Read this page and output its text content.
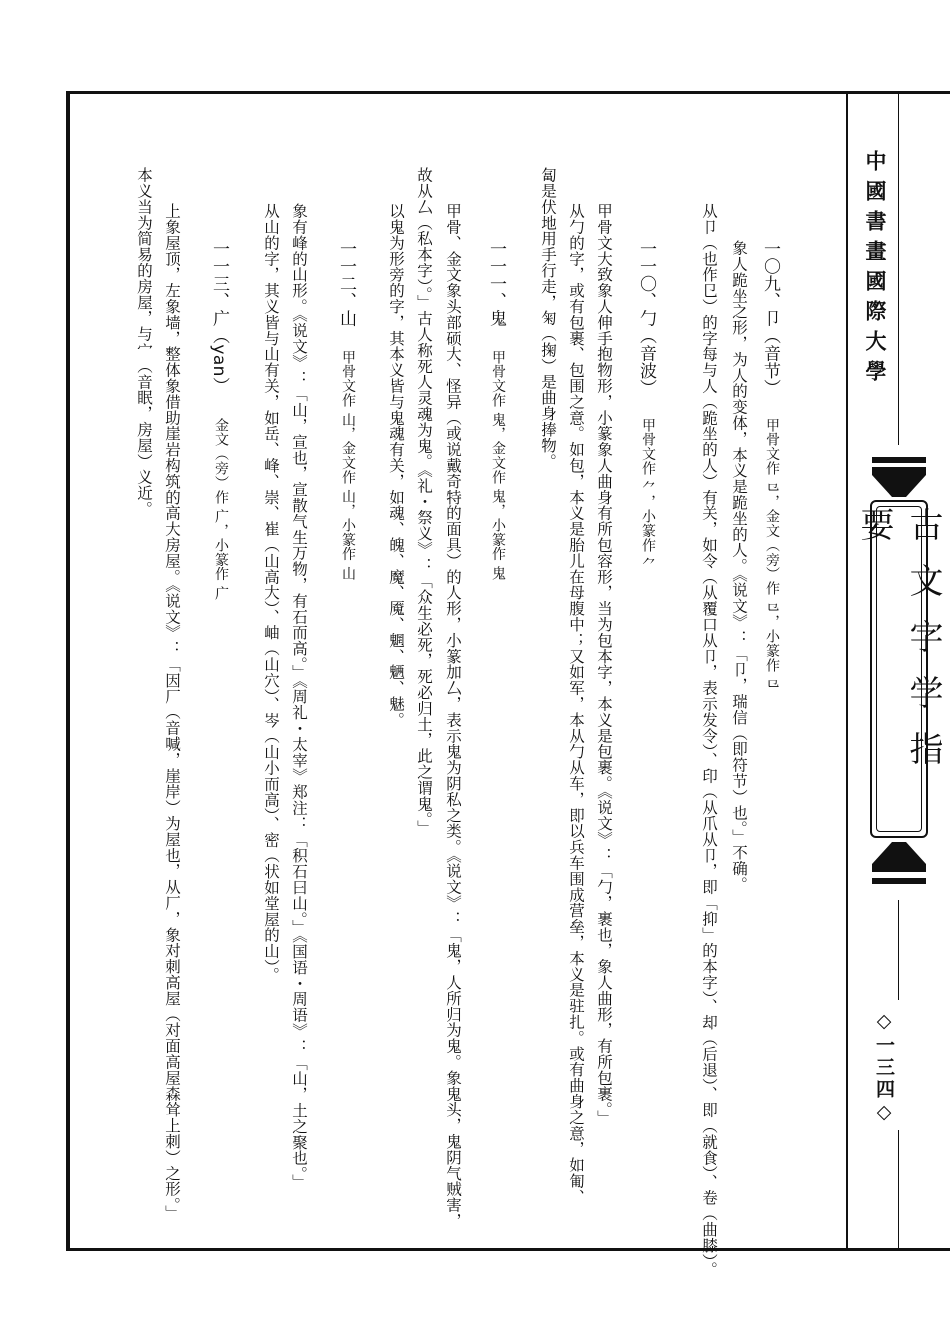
中國書畫國際大學
古文字学指要
◇一三四◇
一〇九、卩（音节）
甲骨文作 ⺋，金文（旁）作 ⺋，小篆作 ⺋
象人跪坐之形，为人的变体，本义是跪坐的人。《说文》：「卩，瑞信（即符节）也。」不确。
从卩（也作㔾）的字每与人（跪坐的人）有关，如令（从覆口从卩，表示发令）、印（从爪从卩，即「抑」的本字）、却（后退）、即（就食）、卷（曲膝）。
一一〇、勹（音波）
甲骨文作 ⺈，小篆作 ⺈
甲骨文大致象人伸手抱物形，小篆象人曲身有所包容形，当为包本字，本义是包裹。《说文》：「勹，裹也，象人曲形，有所包裹。」
从勹的字，或有包裹、包围之意。如包，本义是胎儿在母腹中；又如军，本从勹从车，即以兵车围成营垒，本义是驻扎。或有曲身之意，如匍、
匐是伏地用手行走，匊（掬）是曲身捧物。
一一一、鬼
甲骨文作 ⻤，金文作 ⻤，小篆作 鬼
甲骨、金文象头部硕大、怪异（或说戴奇特的面具）的人形，小篆加厶，表示鬼为阴私之类。《说文》：「鬼，人所归为鬼。象鬼头，鬼阴气贼害，
故从厶（私本字）。」古人称死人灵魂为鬼。《礼・祭义》：「众生必死，死必归土，此之谓鬼。」
以鬼为形旁的字，其本义皆与鬼魂有关，如魂、魄、魔、魇、魍、魉、魅。
一一二、山
甲骨文作 ⼭，金文作 ⼭，小篆作 山
象有峰的山形。《说文》：「山，宣也，宣散气生万物，有石而高。」《周礼・太宰》郑注：「积石曰山。」《国语・周语》：「山，土之聚也。」
从山的字，其义皆与山有关，如岳、峰、崇、崔（山高大）、岫（山穴）、岑（山小而高）、密（状如堂屋的山）。
一一三、广（yan）
金文（旁）作 ⼴，小篆作 广
上象屋顶，左象墙，整体象借助崖岩构筑的高大房屋。《说文》：「因厂（音喊，崖岸）为屋也，从厂，象对刺高屋（对面高屋森耸上刺）之形。」
本义当为简易的房屋，与宀（音眠，房屋）义近。
